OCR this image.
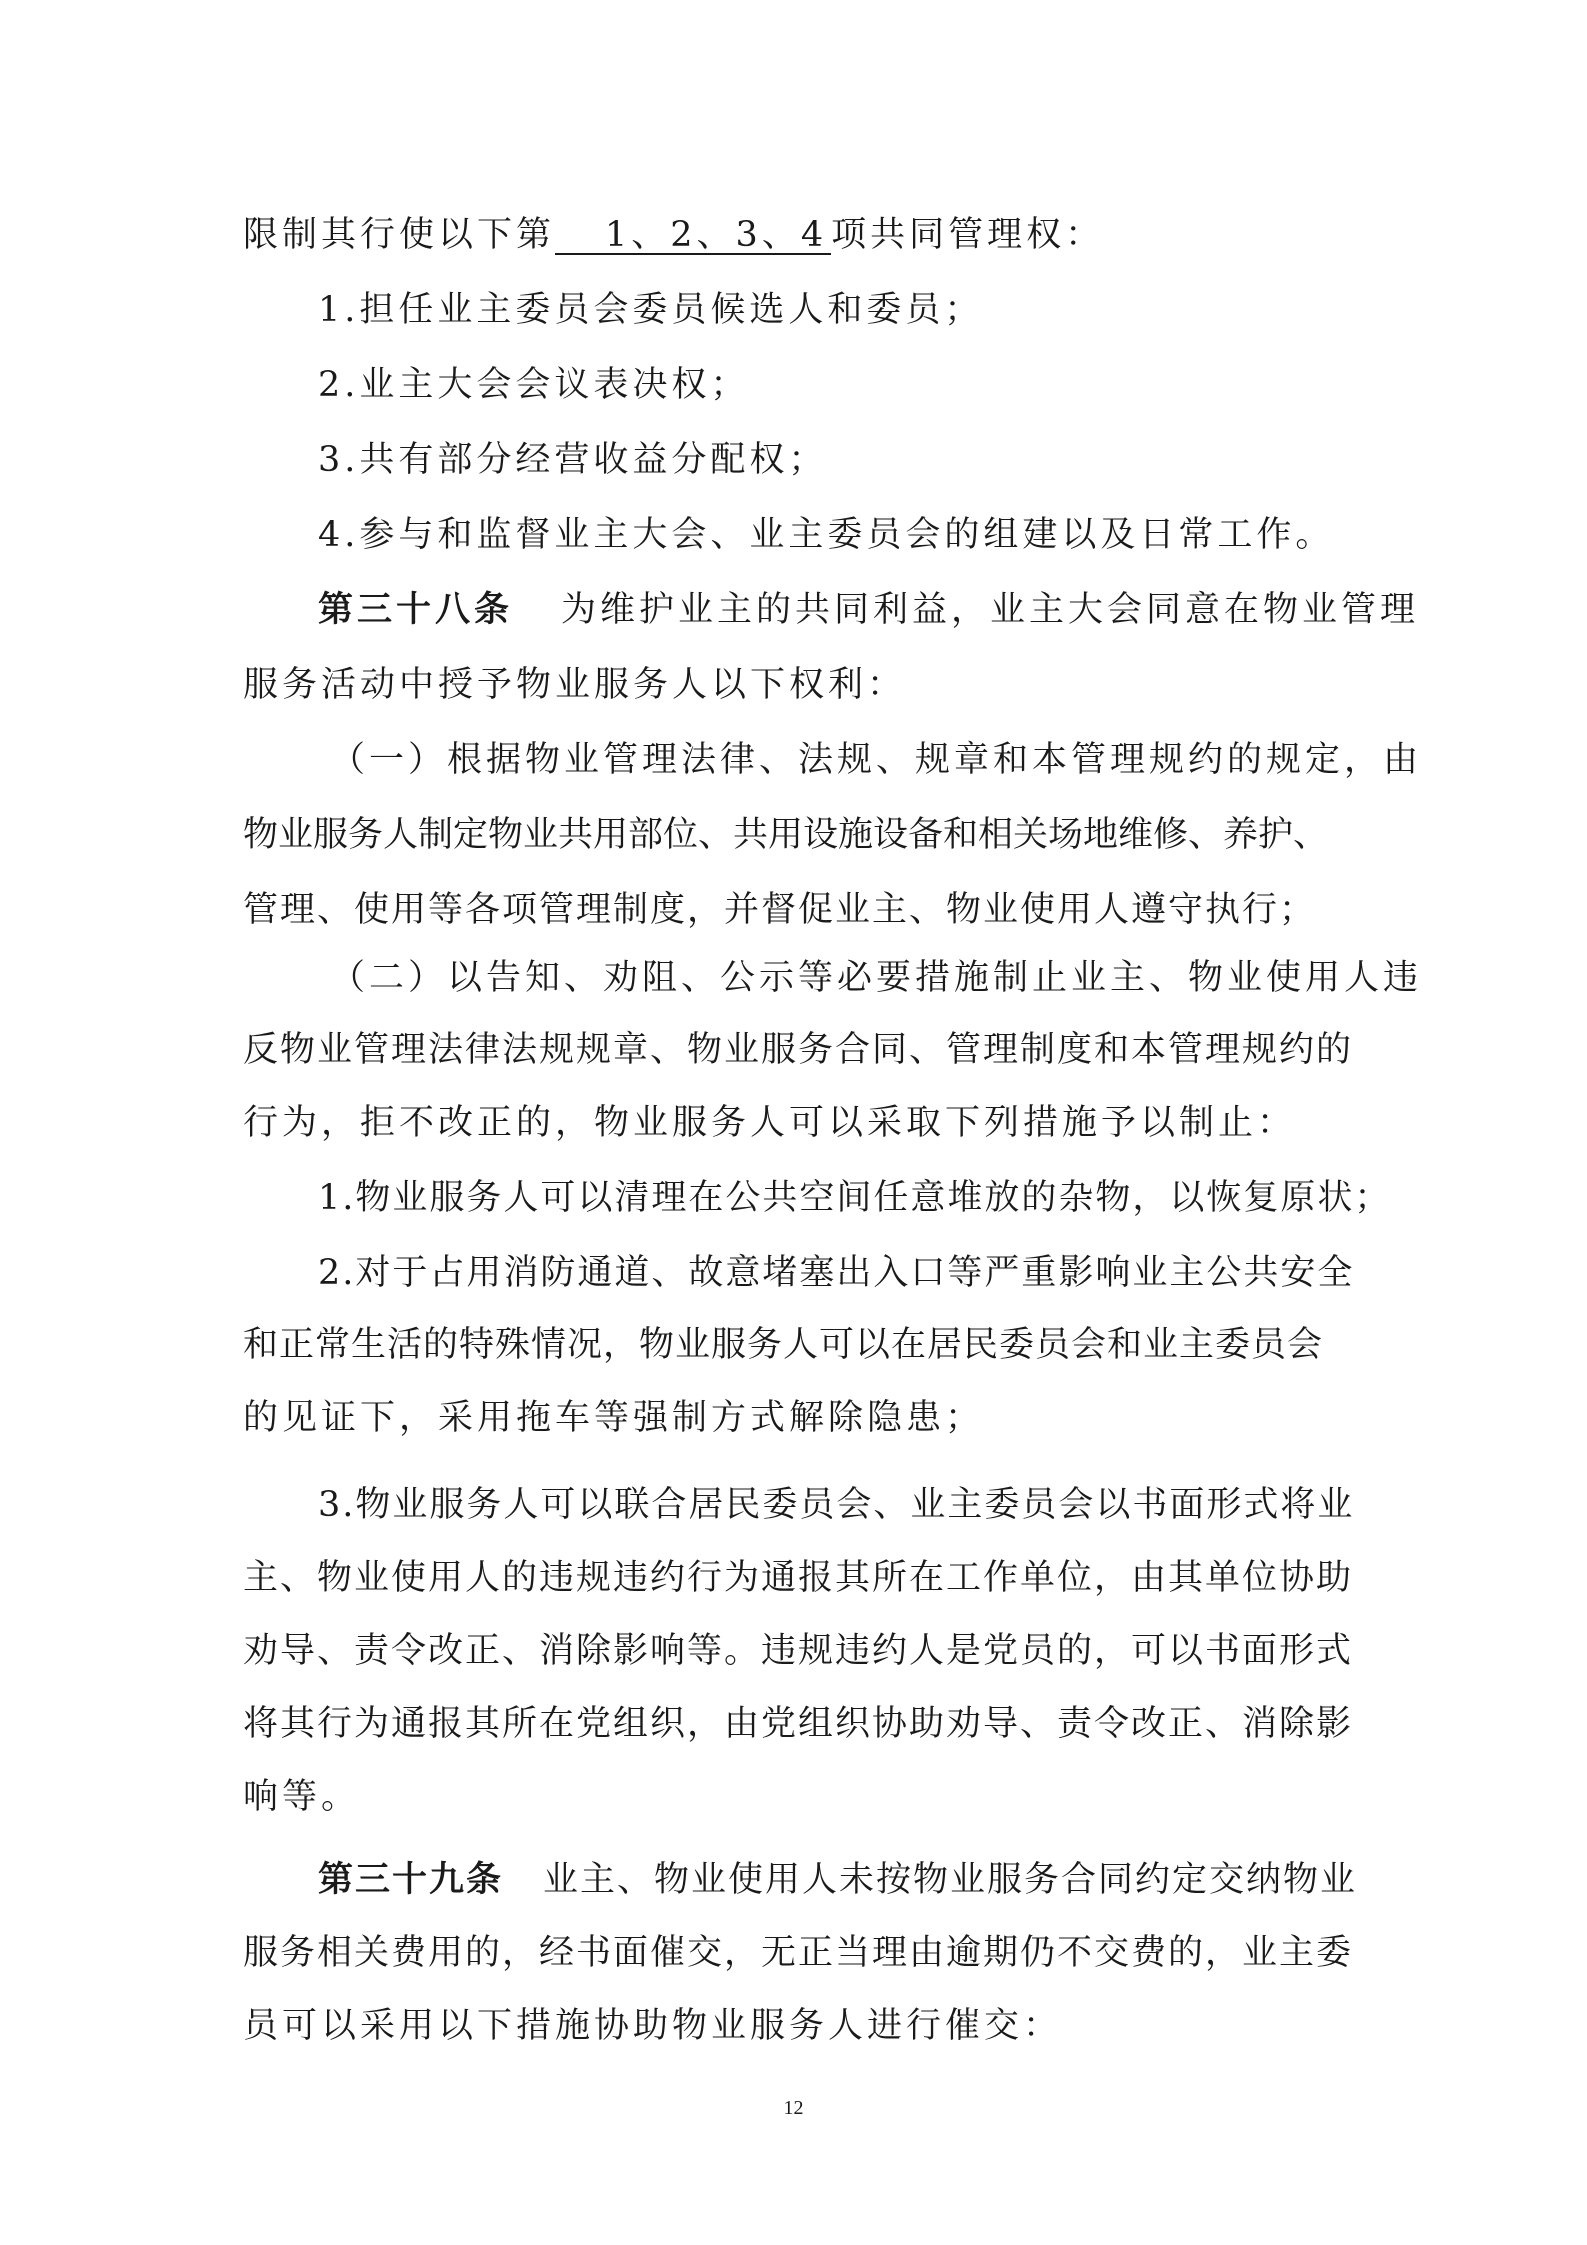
限制其行使以下第 1、2、3、4 项共同管理权：
1.担任业主委员会委员候选人和委员；
2.业主大会会议表决权；
3.共有部分经营收益分配权；
4.参与和监督业主大会、业主委员会的组建以及日常工作。
第三十八条 为维护业主的共同利益，业主大会同意在物业管理
服务活动中授予物业服务人以下权利：
（一）根据物业管理法律、法规、规章和本管理规约的规定，由
物业服务人制定物业共用部位、共用设施设备和相关场地维修、养护、
管理、使用等各项管理制度，并督促业主、物业使用人遵守执行；
（二）以告知、劝阻、公示等必要措施制止业主、物业使用人违
反物业管理法律法规规章、物业服务合同、管理制度和本管理规约的
行为，拒不改正的，物业服务人可以采取下列措施予以制止：
1.物业服务人可以清理在公共空间任意堆放的杂物，以恢复原状；
2.对于占用消防通道、故意堵塞出入口等严重影响业主公共安全
和正常生活的特殊情况，物业服务人可以在居民委员会和业主委员会
的见证下，采用拖车等强制方式解除隐患；
3.物业服务人可以联合居民委员会、业主委员会以书面形式将业
主、物业使用人的违规违约行为通报其所在工作单位，由其单位协助
劝导、责令改正、消除影响等。违规违约人是党员的，可以书面形式
将其行为通报其所在党组织，由党组织协助劝导、责令改正、消除影
响等。
第三十九条 业主、物业使用人未按物业服务合同约定交纳物业
服务相关费用的，经书面催交，无正当理由逾期仍不交费的，业主委
员可以采用以下措施协助物业服务人进行催交：
12
